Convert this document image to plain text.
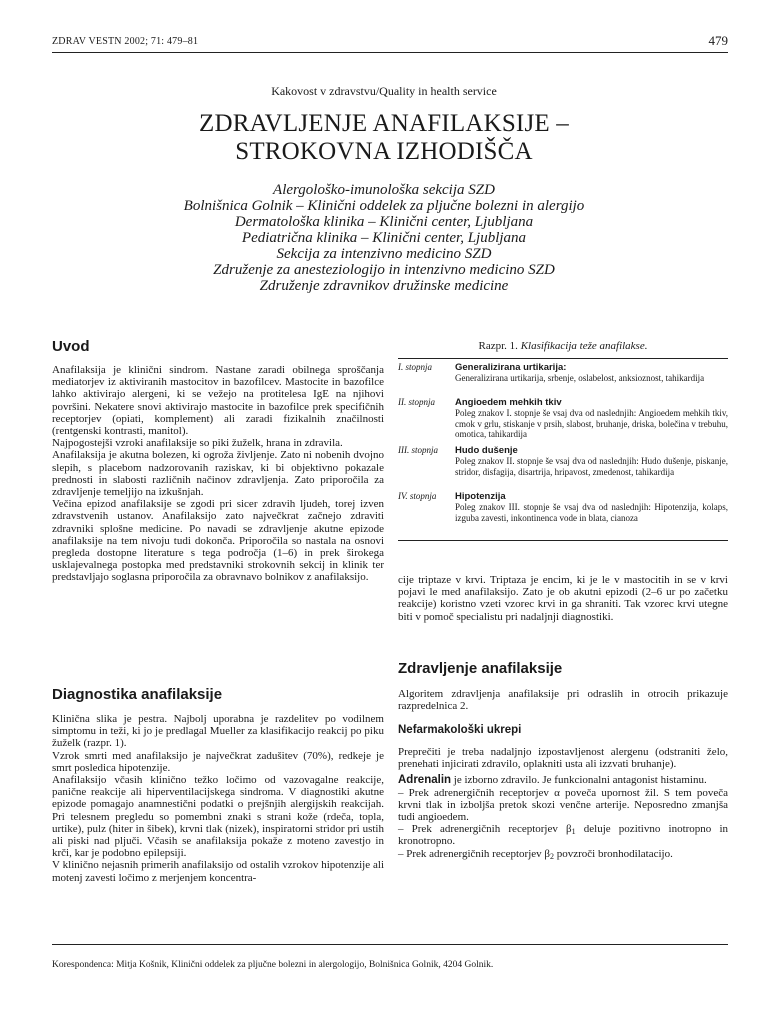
ZDRAV VESTN 2002; 71: 479–81	479
Kakovost v zdravstvu/Quality in health service
ZDRAVLJENJE ANAFILAKSIJE –
STROKOVNA IZHODIŠČA
Alergološko-imunološka sekcija SZD
Bolnišnica Golnik – Klinični oddelek za pljučne bolezni in alergijo
Dermatološka klinika – Klinični center, Ljubljana
Pediatrična klinika – Klinični center, Ljubljana
Sekcija za intenzivno medicino SZD
Združenje za anesteziologijo in intenzivno medicino SZD
Združenje zdravnikov družinske medicine
Uvod

Anafilaksija je klinični sindrom. Nastane zaradi obilnega sproščanja mediatorjev iz aktiviranih mastocitov in bazofilcev. Mastocite in bazofilce lahko aktivirajo alergeni, ki se vežejo na protitelesa IgE na njihovi površini. Nekatere snovi aktivirajo mastocite in bazofilce prek specifičnih receptorjev (opiati, komplement) ali zaradi fizikalnih značilnosti (rentgenski kontrasti, manitol).

Najpogostejši vzroki anafilaksije so piki žuželk, hrana in zdravila.

Anafilaksija je akutna bolezen, ki ogroža življenje. Zato ni nobenih dvojno slepih, s placebom nadzorovanih raziskav, ki bi objektivno pokazale prednosti in slabosti različnih načinov zdravljenja. Zato priporočila za zdravljenje temeljijo na izkušnjah.

Večina epizod anafilaksije se zgodi pri sicer zdravih ljudeh, torej izven zdravstvenih ustanov. Anafilaksijo zato največkrat začnejo zdraviti zdravniki splošne medicine. Po navadi se zdravljenje akutne epizode anafilaksije na tem nivoju tudi dokonča. Priporočila so nastala na osnovi pregleda dostopne literature s tega področja (1–6) in prek širokega usklajevalnega postopka med predstavniki strokovnih sekcij in klinik ter predstavljajo soglasna priporočila za obravnavo bolnikov z anafilaksijo.

Diagnostika anafilaksije

Klinična slika je pestra. Najbolj uporabna je razdelitev po vodilnem simptomu in teži, ki jo je predlagal Mueller za klasifikacijo reakcij po piku žuželk (razpr. 1).

Vzrok smrti med anafilaksijo je največkrat zadušitev (70%), redkeje je smrt posledica hipotenzije.

Anafilaksijo včasih klinično težko ločimo od vazovagalne reakcije, panične reakcije ali hiperventilacijskega sindroma. V diagnostiki akutne epizode pomagajo anamnestični podatki o prejšnjih alergijskih reakcijah. Pri telesnem pregledu so pomembni znaki s strani kože (rdeča, topla, urtike), pulz (hiter in šibek), krvni tlak (nizek), inspiratorni stridor pri ustih ali piski nad pljuči. Včasih se anafilaksija pokaže z moteno zavestjo in krči, kar je podobno epilepsiji.

V klinično nejasnih primerih anafilaksijo od ostalih vzrokov hipotenzije ali motenj zavesti ločimo z merjenjem koncentra-

Razpr. 1. Klasifikacija teže anafilakse.
I. stopnja	Generalizirana urtikarija:
Generalizirana urtikarija, srbenje, oslabelost, anksioznost, tahikardija
II. stopnja	Angioedem mehkih tkiv
Poleg znakov I. stopnje še vsaj dva od naslednjih: Angioedem mehkih tkiv, cmok v grlu, stiskanje v prsih, slabost, bruhanje, driska, bolečina v trebuhu, omotica, tahikardija
III. stopnja	Hudo dušenje
Poleg znakov II. stopnje še vsaj dva od naslednjih: Hudo dušenje, piskanje, stridor, disfagija, disartrija, hripavost, zmedenost, tahikardija
IV. stopnja	Hipotenzija
Poleg znakov III. stopnje še vsaj dva od naslednjih: Hipotenzija, kolaps, izguba zavesti, inkontinenca vode in blata, cianoza

cije triptaze v krvi. Triptaza je encim, ki je le v mastocitih in se v krvi pojavi le med anafilaksijo. Zato je ob akutni epizodi (2–6 ur po začetku reakcije) koristno vzeti vzorec krvi in ga shraniti. Tak vzorec krvi utegne biti v pomoč specialistu pri nadaljnji diagnostiki.

Zdravljenje anafilaksije

Algoritem zdravljenja anafilaksije pri odraslih in otrocih prikazuje razpredelnica 2.

Nefarmakološki ukrepi

Preprečiti je treba nadaljnjo izpostavljenost alergenu (odstraniti želo, prenehati injicirati zdravilo, oplakniti usta ali izzvati bruhanje).

Adrenalin je izborno zdravilo. Je funkcionalni antagonist histaminu.

– Prek adrenergičnih receptorjev α poveča upornost žil. S tem poveča krvni tlak in izboljša pretok skozi venčne arterije. Neposredno zmanjša tudi angioedem.

– Prek adrenergičnih receptorjev $\beta_1$ deluje pozitivno inotropno in kronotropno.

– Prek adrenergičnih receptorjev $\beta_2$ povzroči bronhodilatacijo.

Korespondenca: Mitja Košnik, Klinični oddelek za pljučne bolezni in alergologijo, Bolnišnica Golnik, 4204 Golnik.
